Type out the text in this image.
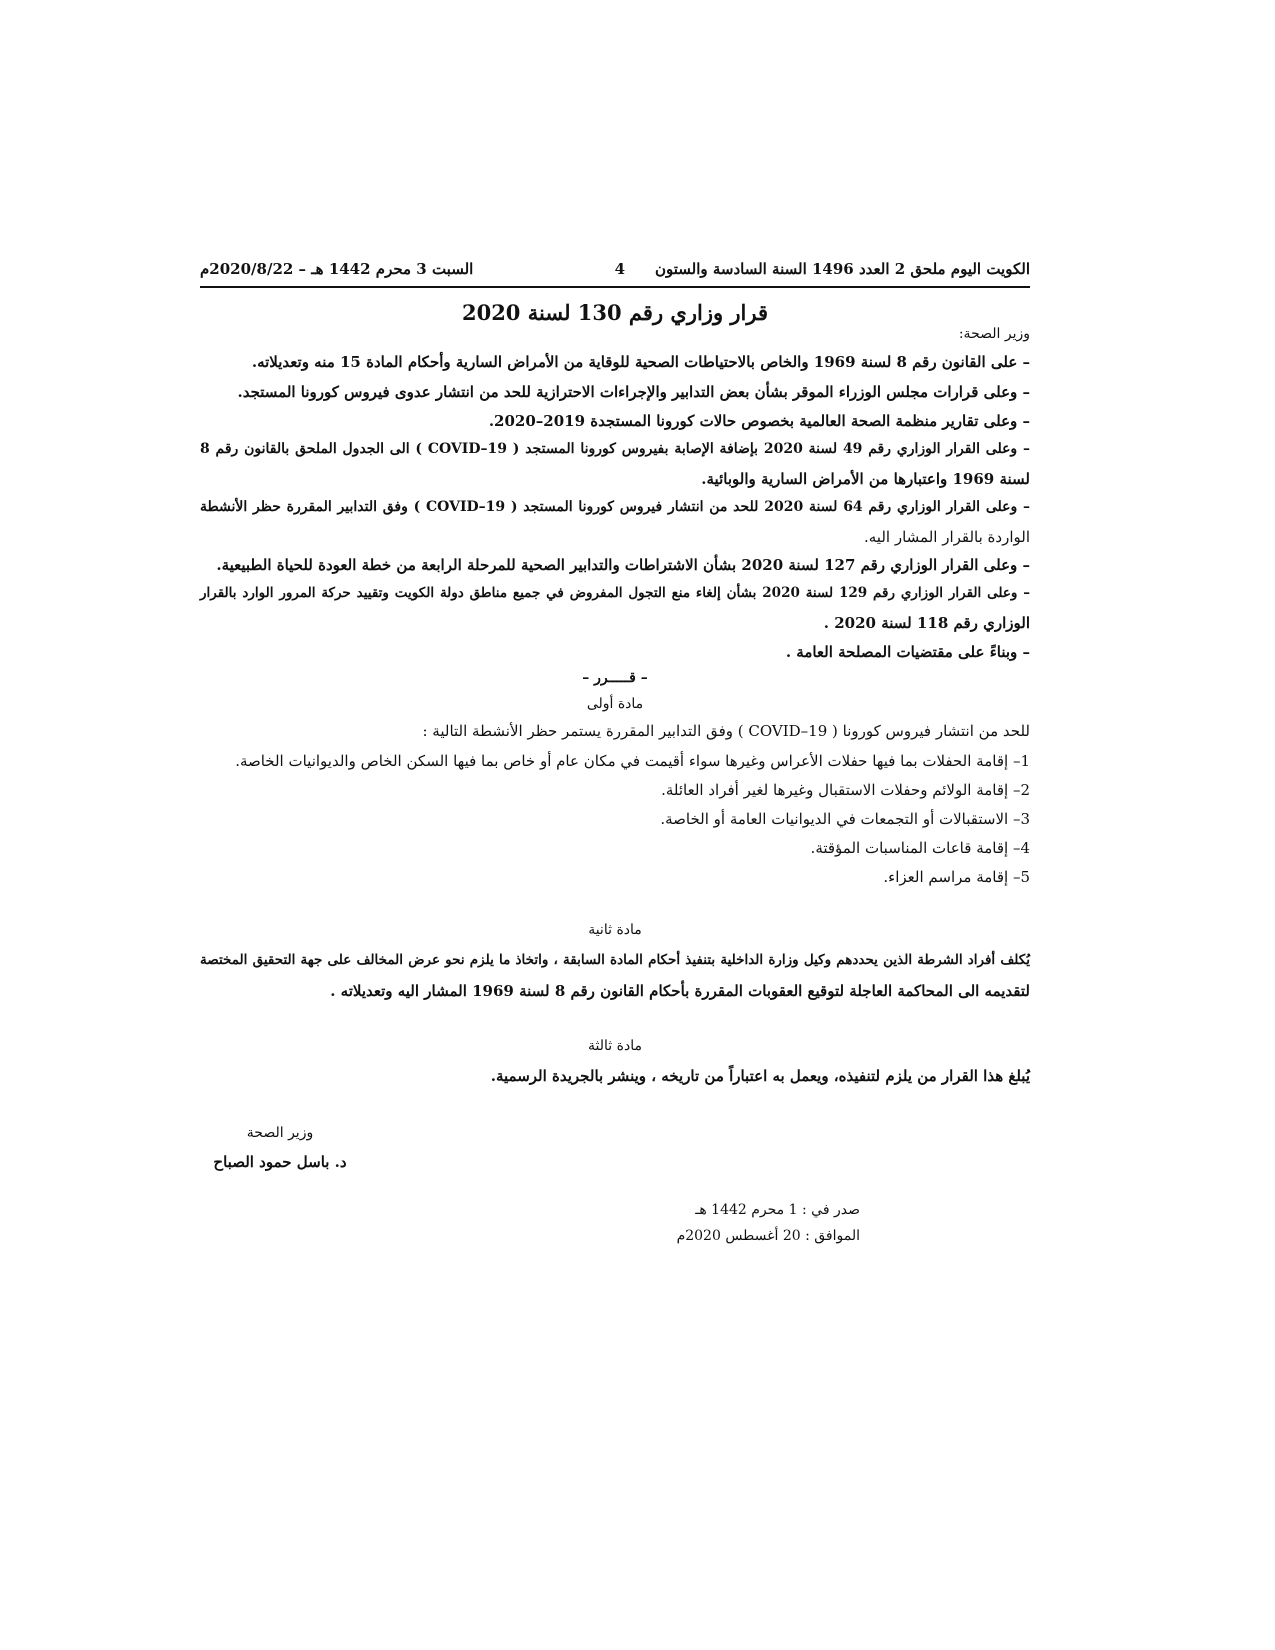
الكويت اليوم ملحق 2 العدد 1496 السنة السادسة والستون
4
السبت 3 محرم 1442 هـ – 2020/8/22م
قرار وزاري رقم 130 لسنة 2020
وزير الصحة:
– على القانون رقم 8 لسنة 1969 والخاص بالاحتياطات الصحية للوقاية من الأمراض السارية وأحكام المادة 15 منه وتعديلاته.
– وعلى قرارات مجلس الوزراء الموقر بشأن بعض التدابير والإجراءات الاحترازية للحد من انتشار عدوى فيروس كورونا المستجد.
– وعلى تقارير منظمة الصحة العالمية بخصوص حالات كورونا المستجدة 2019–2020.
– وعلى القرار الوزاري رقم 49 لسنة 2020 بإضافة الإصابة بفيروس كورونا المستجد ( COVID–19 ) الى الجدول الملحق بالقانون رقم 8
لسنة 1969 واعتبارها من الأمراض السارية والوبائية.
– وعلى القرار الوزاري رقم 64 لسنة 2020 للحد من انتشار فيروس كورونا المستجد ( COVID–19 ) وفق التدابير المقررة حظر الأنشطة
الواردة بالقرار المشار اليه.
– وعلى القرار الوزاري رقم 127 لسنة 2020 بشأن الاشتراطات والتدابير الصحية للمرحلة الرابعة من خطة العودة للحياة الطبيعية.
– وعلى القرار الوزاري رقم 129 لسنة 2020 بشأن إلغاء منع التجول المفروض في جميع مناطق دولة الكويت وتقييد حركة المرور الوارد بالقرار
الوزاري رقم 118 لسنة 2020 .
– وبناءً على مقتضيات المصلحة العامة .
– قـــــرر –
مادة أولى
للحد من انتشار فيروس كورونا ( COVID–19 ) وفق التدابير المقررة يستمر حظر الأنشطة التالية :
1– إقامة الحفلات بما فيها حفلات الأعراس وغيرها سواء أقيمت في مكان عام أو خاص بما فيها السكن الخاص والديوانيات الخاصة.
2– إقامة الولائم وحفلات الاستقبال وغيرها لغير أفراد العائلة.
3– الاستقبالات أو التجمعات في الديوانيات العامة أو الخاصة.
4– إقامة قاعات المناسبات المؤقتة.
5– إقامة مراسم العزاء.
مادة ثانية
يُكلف أفراد الشرطة الذين يحددهم وكيل وزارة الداخلية بتنفيذ أحكام المادة السابقة ، واتخاذ ما يلزم نحو عرض المخالف على جهة التحقيق المختصة
لتقديمه الى المحاكمة العاجلة لتوقيع العقوبات المقررة بأحكام القانون رقم 8 لسنة 1969 المشار اليه وتعديلاته .
مادة ثالثة
يُبلغ هذا القرار من يلزم لتنفيذه، ويعمل به اعتباراً من تاريخه ، وينشر بالجريدة الرسمية.
وزير الصحة
د. باسل حمود الصباح
صدر في : 1 محرم 1442 هـ
الموافق : 20 أغسطس 2020م
